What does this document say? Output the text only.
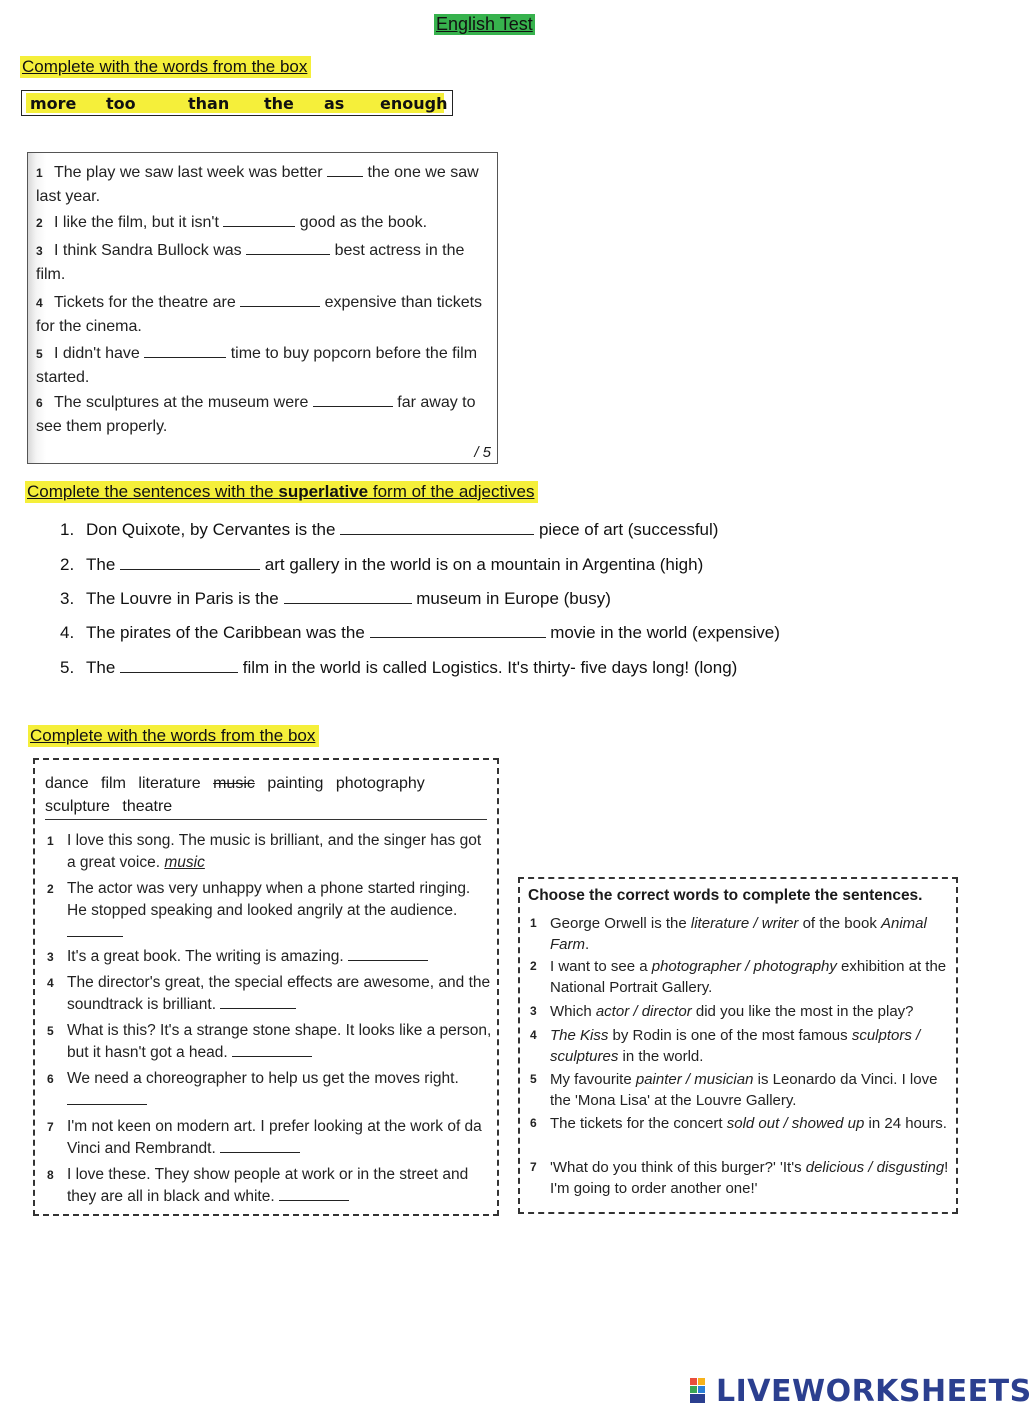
English Test
Complete with the words from the box
more too	than the as enough
1 The play we saw last week was better	the one we saw last year.
2 I like the film, but it isn't	good as the book.
3 I think Sandra Bullock was	best actress in the film.
4 Tickets for the theatre are	expensive than tickets for the cinema.
5 I didn't have	time to buy popcorn before the film started.
6 The sculptures at the museum were	far away to see them properly.
/ 5
Complete the sentences with the superlative form of the adjectives
1. Don Quixote, by Cervantes is the	piece of art (successful)
2. The	art gallery in the world is on a mountain in Argentina (high)
3. The Louvre in Paris is the	museum in Europe (busy)
4. The pirates of the Caribbean was the	movie in the world (expensive)
5. The	film in the world is called Logistics. It's thirty- five days long! (long)
Complete with the words from the box
dance film literature music painting photography sculpture theatre
1 I love this song. The music is brilliant, and the singer has got a great voice. music
2 The actor was very unhappy when a phone started ringing. He stopped speaking and looked angrily at the audience.
3 It's a great book. The writing is amazing.
4 The director's great, the special effects are awesome, and the soundtrack is brilliant.
5 What is this? It's a strange stone shape. It looks like a person, but it hasn't got a head.
6 We need a choreographer to help us get the moves right.
7 I'm not keen on modern art. I prefer looking at the work of da Vinci and Rembrandt.
8 I love these. They show people at work or in the street and they are all in black and white.
Choose the correct words to complete the sentences.
1 George Orwell is the literature / writer of the book Animal Farm.
2 I want to see a photographer / photography exhibition at the National Portrait Gallery.
3 Which actor / director did you like the most in the play?
4 The Kiss by Rodin is one of the most famous sculptors / sculptures in the world.
5 My favourite painter / musician is Leonardo da Vinci. I love the 'Mona Lisa' at the Louvre Gallery.
6 The tickets for the concert sold out / showed up in 24 hours.
7 'What do you think of this burger?' 'It's delicious / disgusting! I'm going to order another one!'
LIVEWORKSHEETS
